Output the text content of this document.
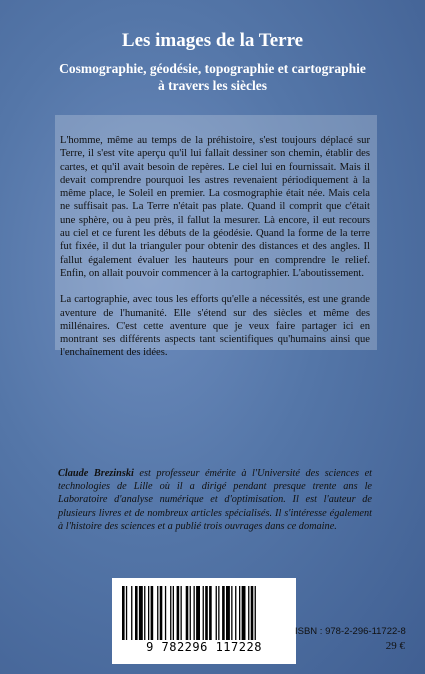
Les images de la Terre
Cosmographie, géodésie, topographie et cartographie
à travers les siècles

L'homme, même au temps de la préhistoire, s'est toujours déplacé sur Terre, il s'est vite aperçu qu'il lui fallait dessiner son chemin, établir des cartes, et qu'il avait besoin de repères. Le ciel lui en fournissait. Mais il devait comprendre pourquoi les astres revenaient périodiquement à la même place, le Soleil en premier. La cosmographie était née. Mais cela ne suffisait pas. La Terre n'était pas plate. Quand il comprit que c'était une sphère, ou à peu près, il fallut la mesurer. Là encore, il eut recours au ciel et ce furent les débuts de la géodésie. Quand la forme de la terre fut fixée, il dut la trianguler pour obtenir des distances et des angles. Il fallut également évaluer les hauteurs pour en comprendre le relief. Enfin, on allait pouvoir commencer à la cartographier. L'aboutissement.

La cartographie, avec tous les efforts qu'elle a nécessités, est une grande aventure de l'humanité. Elle s'étend sur des siècles et même des millénaires. C'est cette aventure que je veux faire partager ici en montrant ses différents aspects tant scientifiques qu'humains ainsi que l'enchaînement des idées.

Claude Brezinski est professeur émérite à l'Université des sciences et technologies de Lille où il a dirigé pendant presque trente ans le Laboratoire d'analyse numérique et d'optimisation. Il est l'auteur de plusieurs livres et de nombreux articles spécialisés. Il s'intéresse également à l'histoire des sciences et a publié trois ouvrages dans ce domaine.

9 782296 117228
ISBN : 978-2-296-11722-8
29 €
